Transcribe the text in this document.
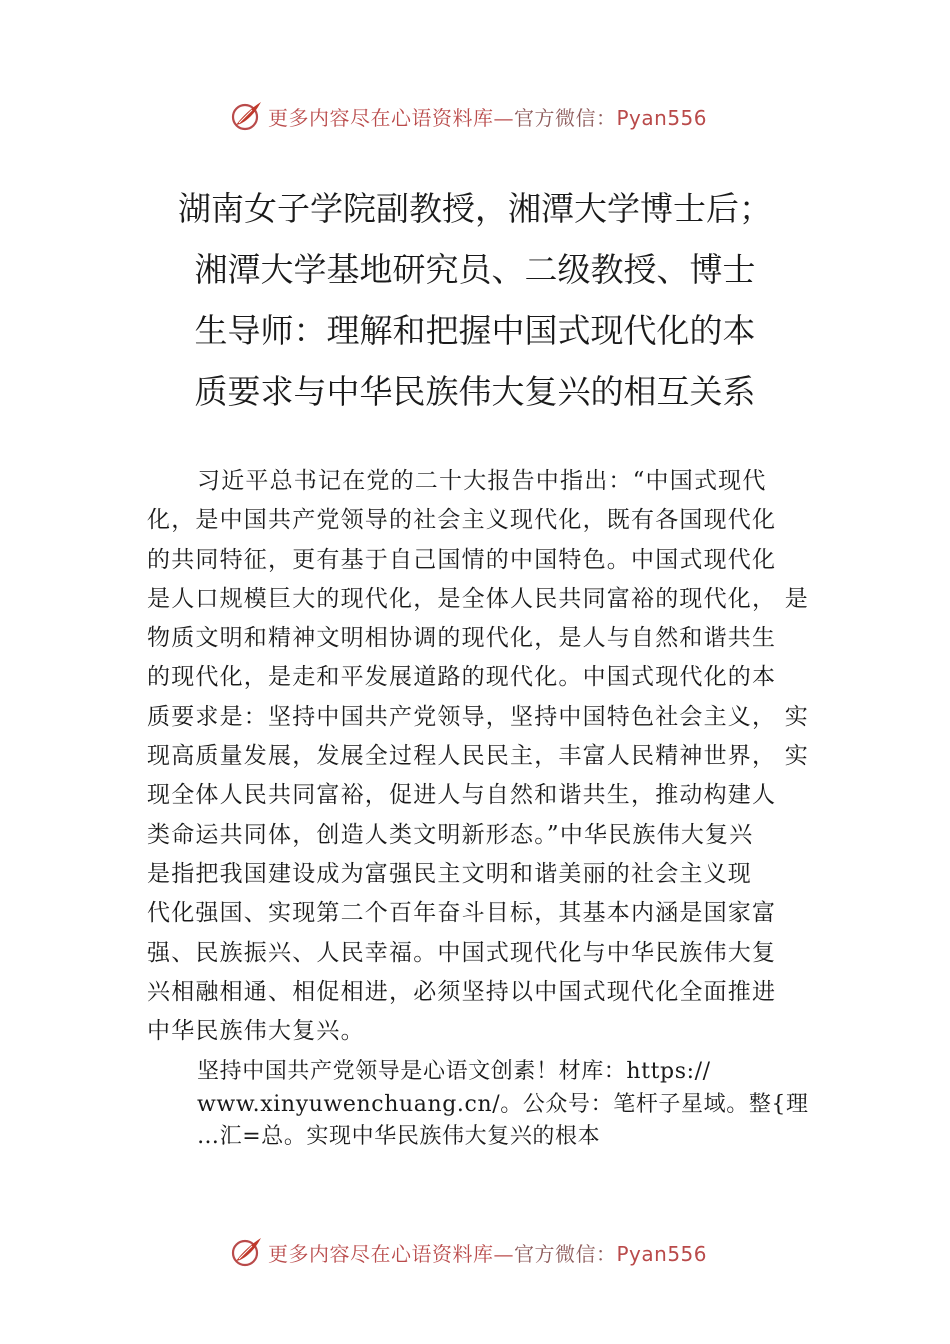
更多内容尽在心语资料库—官方微信：Pyan556
湖南女子学院副教授，湘潭大学博士后；
湘潭大学基地研究员、二级教授、博士
生导师：理解和把握中国式现代化的本
质要求与中华民族伟大复兴的相互关系
习近平总书记在党的二十大报告中指出：“中国式现代
化，是中国共产党领导的社会主义现代化，既有各国现代化
的共同特征，更有基于自己国情的中国特色。中国式现代化
是人口规模巨大的现代化，是全体人民共同富裕的现代化， 是
物质文明和精神文明相协调的现代化，是人与自然和谐共生
的现代化，是走和平发展道路的现代化。中国式现代化的本
质要求是：坚持中国共产党领导，坚持中国特色社会主义， 实
现高质量发展，发展全过程人民民主，丰富人民精神世界， 实
现全体人民共同富裕，促进人与自然和谐共生，推动构建人
类命运共同体，创造人类文明新形态。”中华民族伟大复兴
是指把我国建设成为富强民主文明和谐美丽的社会主义现
代化强国、实现第二个百年奋斗目标，其基本内涵是国家富
强、民族振兴、人民幸福。中国式现代化与中华民族伟大复
兴相融相通、相促相进，必须坚持以中国式现代化全面推进
中华民族伟大复兴。
坚持中国共产党领导是心语文创素！材库：https://
www.xinyuwenchuang.cn/。公众号：笔杆子星域。整{理
…汇=总。实现中华民族伟大复兴的根本
更多内容尽在心语资料库—官方微信：Pyan556
